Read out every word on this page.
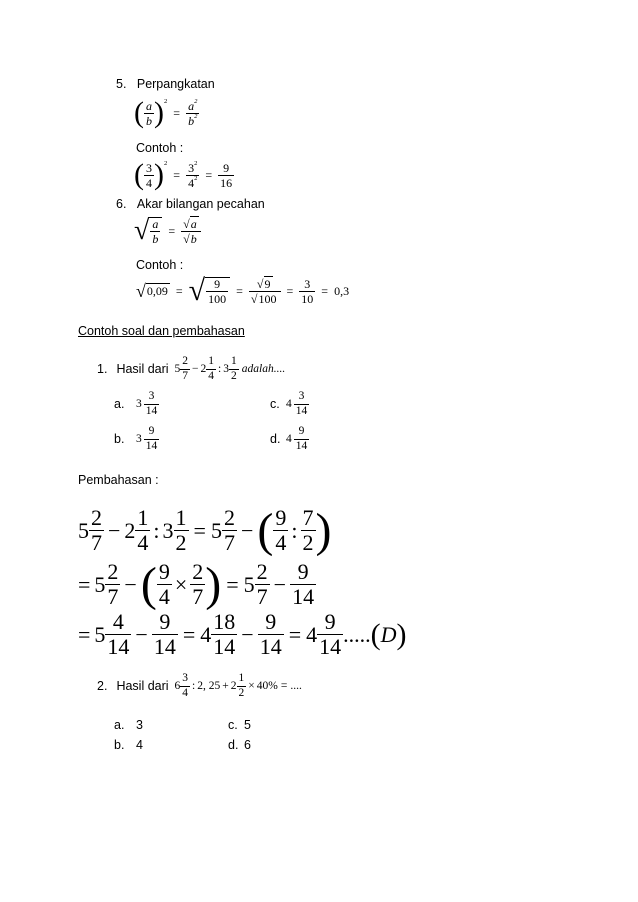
5. Perpangkatan
( $\frac{a}{b}$ ) 2
= $\frac{a^2}{b^2}$
Contoh :
( $\frac{3}{4}$ ) 2
= $\frac{3^2}{4^2} = \frac{9}{16}$
6. Akar bilangan pecahan
√ $\frac{a}{b} = \frac{√a}{√b}$
Contoh :
√ 0,09 = √ $\frac{9}{100} = \frac{√9}{√100} = \frac{3}{10} = 0,3$
Contoh soal dan pembahasan
1. Hasil dari $5 \frac{2}{7} - 2 \frac{1}{4}$ : $3 \frac{1}{2}$ adalah....
a.	$3 \frac{3}{14}$
b.	$3 \frac{9}{14}$
c. $4 \frac{3}{14}$
d. $4 \frac{9}{14}$
Pembahasan :
$5 \frac{2}{7} - 2 \frac{1}{4}$ : $3 \frac{1}{2} = 5 \frac{2}{7}$ − ( $\frac{9}{4}$ : $\frac{7}{2}$ )
= $5 \frac{2}{7}$ − ( $\frac{9}{4} \times \frac{2}{7}$ ) = $5 \frac{2}{7} - \frac{9}{14}$
= $5 \frac{4}{14} - \frac{9}{14} = 4 \frac{18}{14} - \frac{9}{14} = 4 \frac{9}{14}$ ..... ( D )
2. Hasil dari $6 \frac{3}{4}$ : 2, $25 + 2 \frac{1}{2} \times 40\%$ = ....
a. 3
b. 4
c. 5
d. 6
